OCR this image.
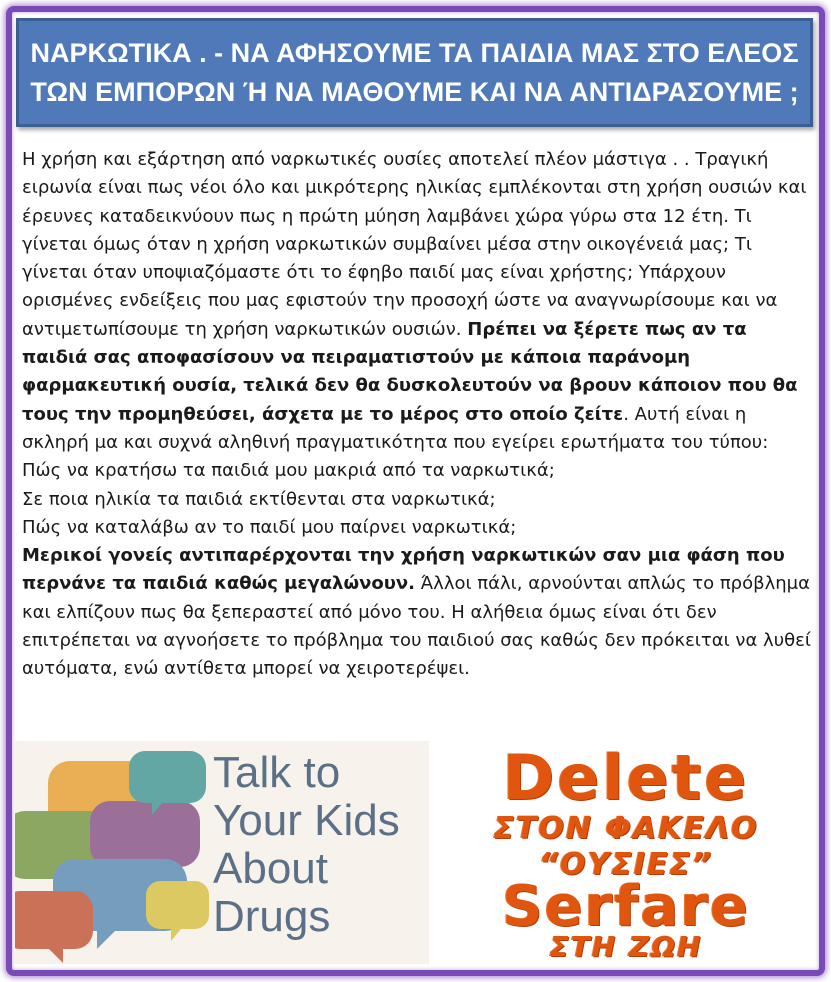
ΝΑΡΚΩΤΙΚΑ . - ΝΑ ΑΦΗΣΟΥΜΕ ΤΑ ΠΑΙΔΙΑ ΜΑΣ ΣΤΟ ΕΛΕΟΣ
ΤΩΝ ΕΜΠΟΡΩΝ Ή ΝΑ ΜΑΘΟΥΜΕ ΚΑΙ ΝΑ ΑΝΤΙΔΡΑΣΟΥΜΕ ;

Η χρήση και εξάρτηση από ναρκωτικές ουσίες αποτελεί πλέον μάστιγα . . Τραγική ειρωνία είναι πως νέοι όλο και μικρότερης ηλικίας εμπλέκονται στη χρήση ουσιών και έρευνες καταδεικνύουν πως η πρώτη μύηση λαμβάνει χώρα γύρω στα 12 έτη. Τι γίνεται όμως όταν η χρήση ναρκωτικών συμβαίνει μέσα στην οικογένειά μας; Τι γίνεται όταν υποψιαζόμαστε ότι το έφηβο παιδί μας είναι χρήστης; Υπάρχουν ορισμένες ενδείξεις που μας εφιστούν την προσοχή ώστε να αναγνωρίσουμε και να αντιμετωπίσουμε τη χρήση ναρκωτικών ουσιών. Πρέπει να ξέρετε πως αν τα παιδιά σας αποφασίσουν να πειραματιστούν με κάποια παράνομη φαρμακευτική ουσία, τελικά δεν θα δυσκολευτούν να βρουν κάποιον που θα τους την προμηθεύσει, άσχετα με το μέρος στο οποίο ζείτε. Αυτή είναι η σκληρή μα και συχνά αληθινή πραγματικότητα που εγείρει ερωτήματα του τύπου:
Πώς να κρατήσω τα παιδιά μου μακριά από τα ναρκωτικά;
Σε ποια ηλικία τα παιδιά εκτίθενται στα ναρκωτικά;
Πώς να καταλάβω αν το παιδί μου παίρνει ναρκωτικά;
Μερικοί γονείς αντιπαρέρχονται την χρήση ναρκωτικών σαν μια φάση που περνάνε τα παιδιά καθώς μεγαλώνουν. Άλλοι πάλι, αρνούνται απλώς το πρόβλημα και ελπίζουν πως θα ξεπεραστεί από μόνο του. Η αλήθεια όμως είναι ότι δεν επιτρέπεται να αγνοήσετε το πρόβλημα του παιδιού σας καθώς δεν πρόκειται να λυθεί αυτόματα, ενώ αντίθετα μπορεί να χειροτερέψει.

Talk to
Your Kids
About
Drugs
Delete
ΣΤΟΝ ΦΑΚΕΛΟ
“ΟΥΣΙΕΣ”
Serfare
ΣΤΗ ΖΩΗ
